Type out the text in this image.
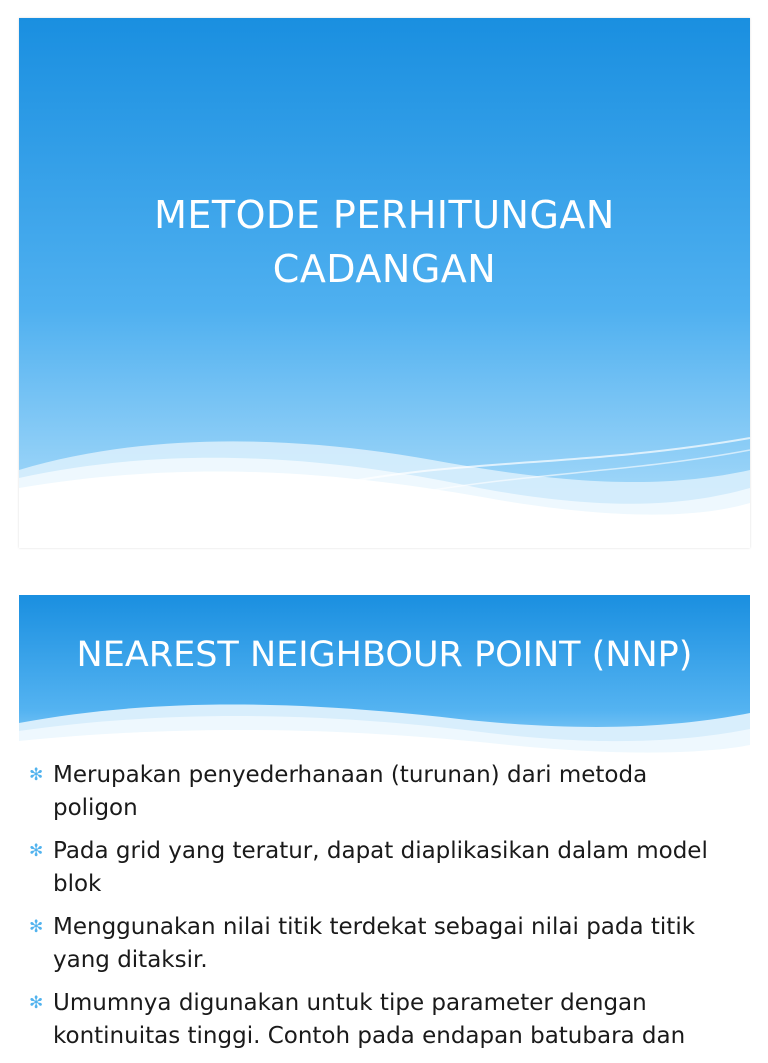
METODE PERHITUNGAN
CADANGAN
NEAREST NEIGHBOUR POINT (NNP)
✻ Merupakan penyederhanaan (turunan) dari metoda
poligon
✻ Pada grid yang teratur, dapat diaplikasikan dalam model
blok
✻ Menggunakan nilai titik terdekat sebagai nilai pada titik
yang ditaksir.
✻ Umumnya digunakan untuk tipe parameter dengan
kontinuitas tinggi. Contoh pada endapan batubara dan
